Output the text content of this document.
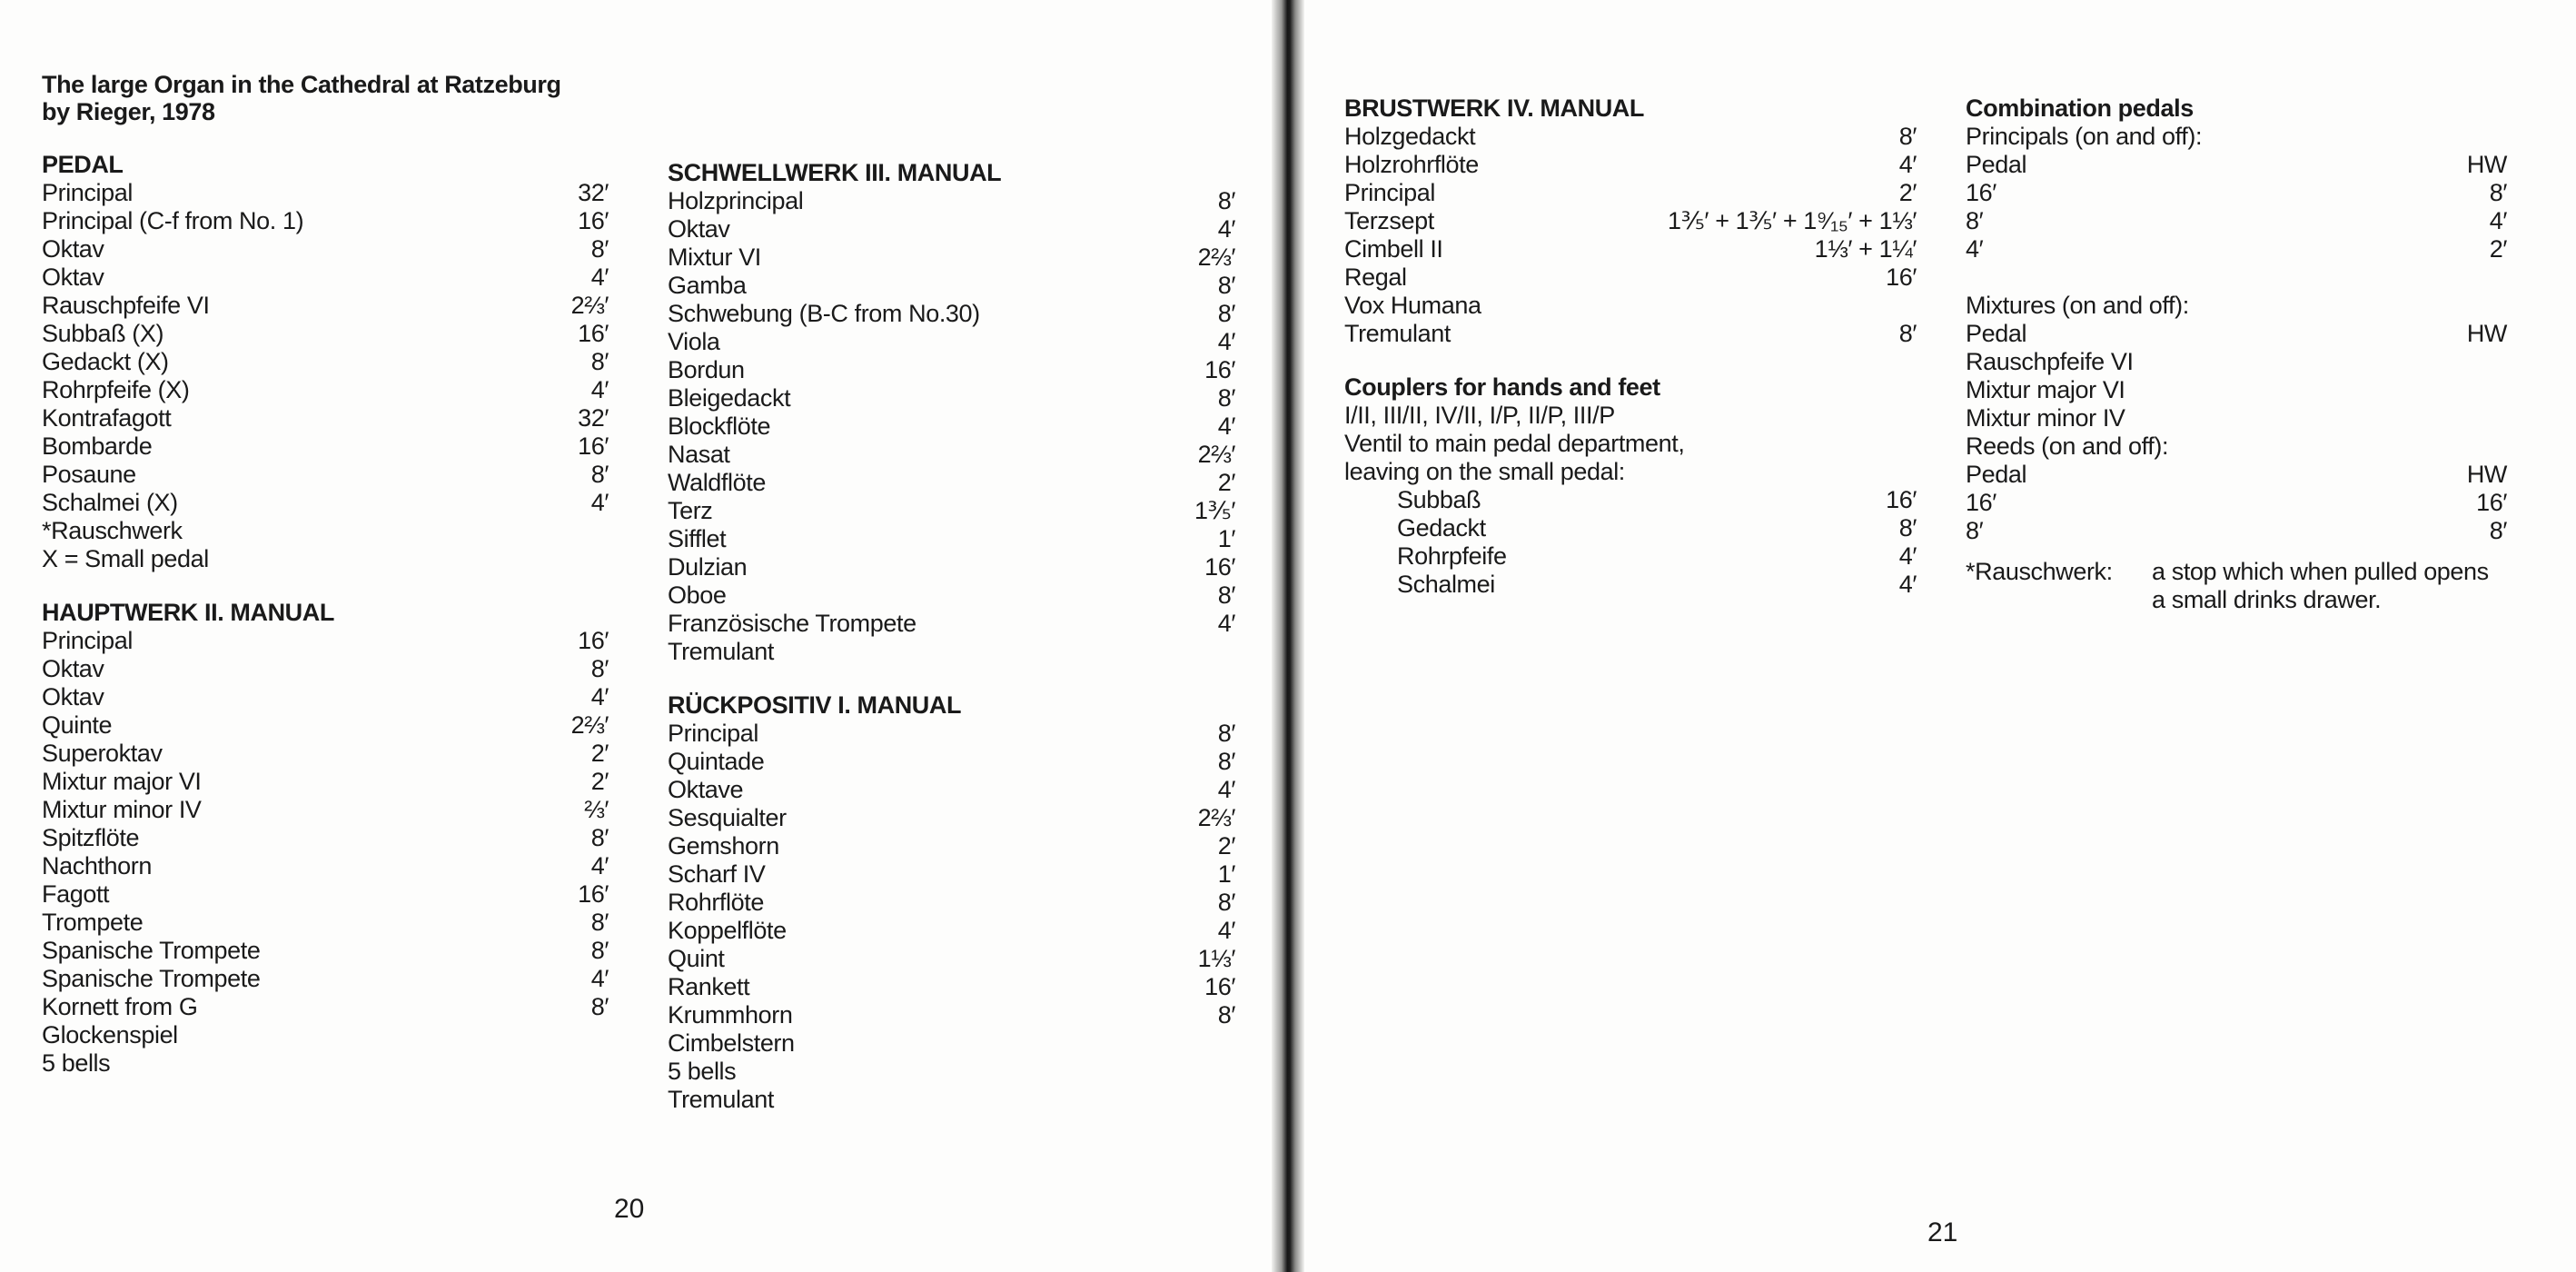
The large Organ in the Cathedral at Ratzeburg
by Rieger, 1978
PEDAL
Principal	32′
Principal (C-f from No. 1)	16′
Oktav	8′
Oktav	4′
Rauschpfeife VI	2⅔′
Subbaß (X)	16′
Gedackt (X)	8′
Rohrpfeife (X)	4′
Kontrafagott	32′
Bombarde	16′
Posaune	8′
Schalmei (X)	4′
*Rauschwerk
X = Small pedal
HAUPTWERK II. MANUAL
Principal	16′
Oktav	8′
Oktav	4′
Quinte	2⅔′
Superoktav	2′
Mixtur major VI	2′
Mixtur minor IV	⅔′
Spitzflöte	8′
Nachthorn	4′
Fagott	16′
Trompete	8′
Spanische Trompete	8′
Spanische Trompete	4′
Kornett from G	8′
Glockenspiel
5 bells
SCHWELLWERK III. MANUAL
Holzprincipal	8′
Oktav	4′
Mixtur VI	2⅔′
Gamba	8′
Schwebung (B-C from No.30)	8′
Viola	4′
Bordun	16′
Bleigedackt	8′
Blockflöte	4′
Nasat	2⅔′
Waldflöte	2′
Terz	1⅗′
Sifflet	1′
Dulzian	16′
Oboe	8′
Französische Trompete	4′
Tremulant
RÜCKPOSITIV I. MANUAL
Principal	8′
Quintade	8′
Oktave	4′
Sesquialter	2⅔′
Gemshorn	2′
Scharf IV	1′
Rohrflöte	8′
Koppelflöte	4′
Quint	1⅓′
Rankett	16′
Krummhorn	8′
Cimbelstern
5 bells
Tremulant
20
BRUSTWERK IV. MANUAL
Holzgedackt	8′
Holzrohrflöte	4′
Principal	2′
Terzsept	1⅗′ + 1⅗′ + 1⁹⁄₁₅′ + 1⅓′
Cimbell II	1⅓′ + 1¼′
Regal	16′
Vox Humana
Tremulant	8′
Couplers for hands and feet
I/II, III/II, IV/II, I/P, II/P, III/P
Ventil to main pedal department,
leaving on the small pedal:
Subbaß	16′
Gedackt	8′
Rohrpfeife	4′
Schalmei	4′
Combination pedals
Principals (on and off):
Pedal	HW
16′	8′
8′	4′
4′	2′
Mixtures (on and off):
Pedal	HW
Rauschpfeife VI
Mixtur major VI
Mixtur minor IV
Reeds (on and off):
Pedal	HW
16′	16′
8′	8′
*Rauschwerk:	a stop which when pulled opens a small drinks drawer.
21
